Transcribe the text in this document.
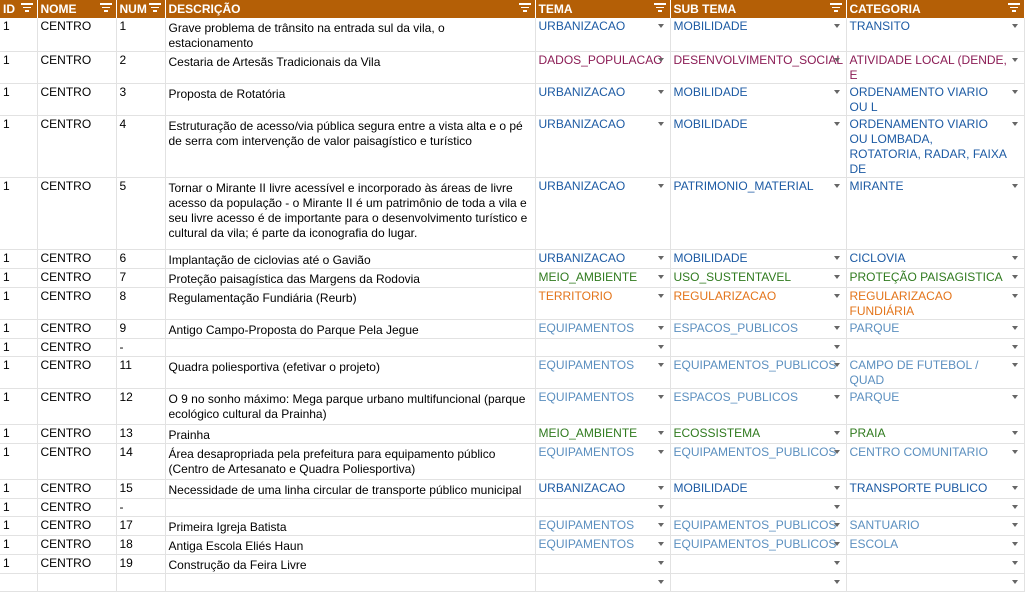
ID	NOME	NUM	DESCRIÇÃO	TEMA	SUB TEMA	CATEGORIA

1	CENTRO	1	Grave problema de trânsito na entrada sul da vila, o estacionamento	URBANIZACAO	MOBILIDADE	TRANSITO

1	CENTRO	2	Cestaria de Artesãs Tradicionais da Vila	DADOS_POPULACAO	DESENVOLVIMENTO_SOCIAL	ATIVIDADE LOCAL (DENDE, E

1	CENTRO	3	Proposta de Rotatória	URBANIZACAO	MOBILIDADE	ORDENAMENTO VIARIO OU L

1	CENTRO	4	Estruturação de acesso/via pública segura entre a vista alta e o pé de serra com intervenção de valor paisagístico e turístico	URBANIZACAO	MOBILIDADE	ORDENAMENTO VIARIO OU LOMBADA, ROTATORIA, RADAR, FAIXA DE

1	CENTRO	5	Tornar o Mirante II livre acessível e incorporado às áreas de livre acesso da população - o Mirante II é um patrimônio de toda a vila e seu livre acesso é de importante para o desenvolvimento turístico e cultural da vila; é parte da iconografia do lugar.	URBANIZACAO	PATRIMONIO_MATERIAL	MIRANTE

1	CENTRO	6	Implantação de ciclovias até o Gavião	URBANIZACAO	MOBILIDADE	CICLOVIA

1	CENTRO	7	Proteção paisagística das Margens da Rodovia	MEIO_AMBIENTE	USO_SUSTENTAVEL	PROTEÇÃO PAISAGISTICA

1	CENTRO	8	Regulamentação Fundiária (Reurb)	TERRITORIO	REGULARIZACAO	REGULARIZACAO FUNDIÁRIA

1	CENTRO	9	Antigo Campo-Proposta do Parque Pela Jegue	EQUIPAMENTOS	ESPACOS_PUBLICOS	PARQUE

1	CENTRO	-		

1	CENTRO	11	Quadra poliesportiva (efetivar o projeto)	EQUIPAMENTOS	EQUIPAMENTOS_PUBLICOS	CAMPO DE FUTEBOL / QUAD

1	CENTRO	12	O 9 no sonho máximo: Mega parque urbano multifuncional (parque ecológico cultural da Prainha)	EQUIPAMENTOS	ESPACOS_PUBLICOS	PARQUE

1	CENTRO	13	Prainha	MEIO_AMBIENTE	ECOSSISTEMA	PRAIA

1	CENTRO	14	Área desapropriada pela prefeitura para equipamento público (Centro de Artesanato e Quadra Poliesportiva)	EQUIPAMENTOS	EQUIPAMENTOS_PUBLICOS	CENTRO COMUNITARIO

1	CENTRO	15	Necessidade de uma linha circular de transporte público municipal	URBANIZACAO	MOBILIDADE	TRANSPORTE PUBLICO

1	CENTRO	-		

1	CENTRO	17	Primeira Igreja Batista	EQUIPAMENTOS	EQUIPAMENTOS_PUBLICOS	SANTUARIO

1	CENTRO	18	Antiga Escola Eliés Haun	EQUIPAMENTOS	EQUIPAMENTOS_PUBLICOS	ESCOLA

1	CENTRO	19	Construção da Feira Livre	
